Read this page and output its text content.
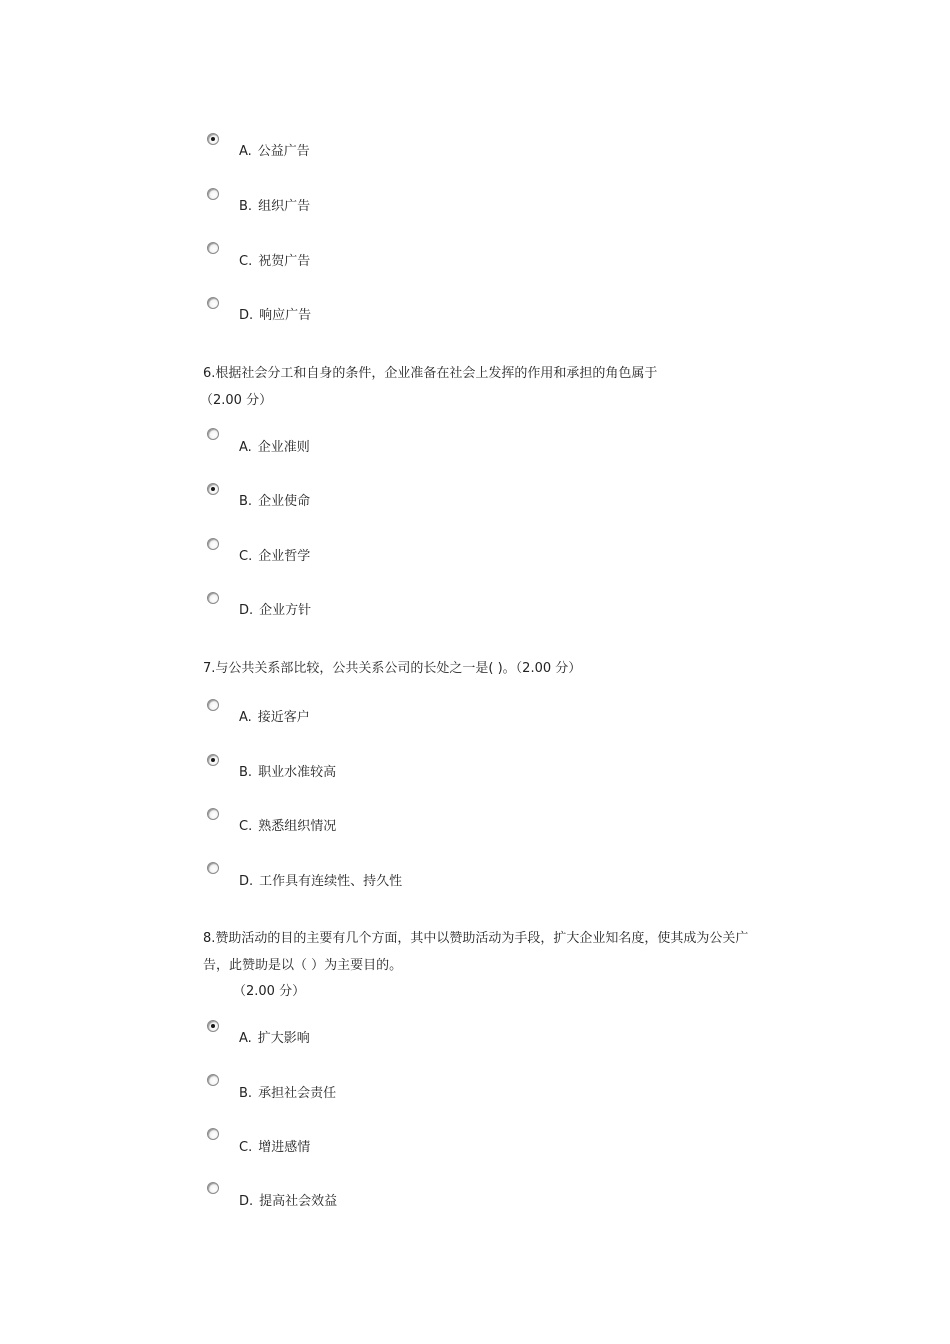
A. 公益广告
B. 组织广告
C. 祝贺广告
D. 响应广告
6.根据社会分工和自身的条件，企业准备在社会上发挥的作用和承担的角色属于
（2.00 分）
A. 企业准则
B. 企业使命
C. 企业哲学
D. 企业方针
7.与公共关系部比较，公共关系公司的长处之一是( )。（2.00 分）
A. 接近客户
B. 职业水准较高
C. 熟悉组织情况
D. 工作具有连续性、持久性
8.赞助活动的目的主要有几个方面，其中以赞助活动为手段，扩大企业知名度，使其成为公关广
告，此赞助是以（ ）为主要目的。
（2.00 分）
A. 扩大影响
B. 承担社会责任
C. 增进感情
D. 提高社会效益
